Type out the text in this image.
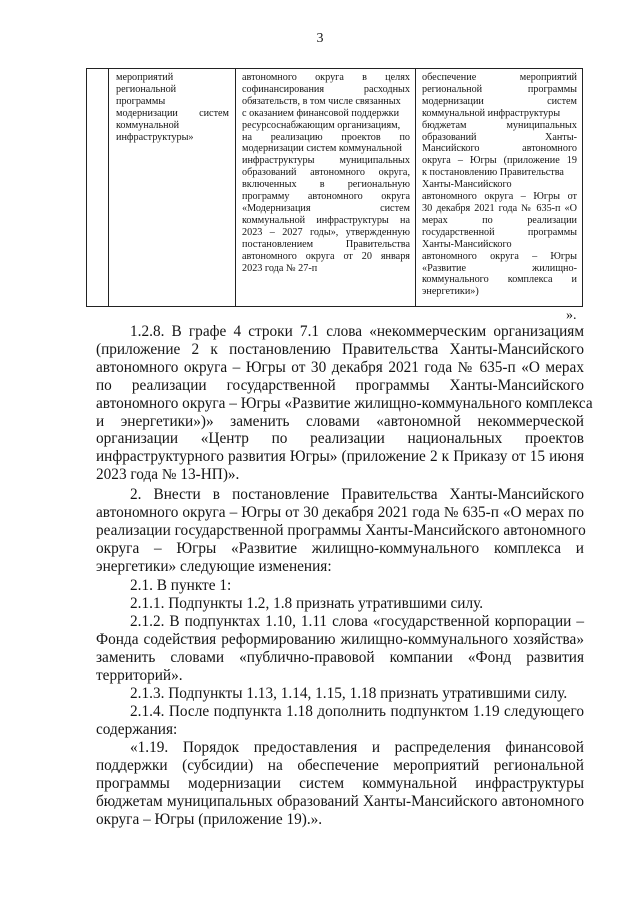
3
мероприятий
региональной
программы
модернизации систем
коммунальной
инфраструктуры»
автономного округа в целях
софинансирования расходных
обязательств, в том числе связанных
с оказанием финансовой поддержки
ресурсоснабжающим организациям,
на реализацию проектов по
модернизации систем коммунальной
инфраструктуры муниципальных
образований автономного округа,
включенных в региональную
программу автономного округа
«Модернизация систем
коммунальной инфраструктуры на
2023 – 2027 годы», утвержденную
постановлением Правительства
автономного округа от 20 января
2023 года № 27-п
обеспечение мероприятий
региональной программы
модернизации систем
коммунальной инфраструктуры
бюджетам муниципальных
образований Ханты-
Мансийского автономного
округа – Югры (приложение 19
к постановлению Правительства
Ханты-Мансийского
автономного округа – Югры от
30 декабря 2021 года № 635-п «О
мерах по реализации
государственной программы
Ханты-Мансийского
автономного округа – Югры
«Развитие жилищно-
коммунального комплекса и
энергетики»)
».
1.2.8. В графе 4 строки 7.1 слова «некоммерческим организациям
(приложение 2 к постановлению Правительства Ханты-Мансийского
автономного округа – Югры от 30 декабря 2021 года № 635-п «О мерах
по реализации государственной программы Ханты-Мансийского
автономного округа – Югры «Развитие жилищно-коммунального комплекса
и энергетики»)» заменить словами «автономной некоммерческой
организации «Центр по реализации национальных проектов
инфраструктурного развития Югры» (приложение 2 к Приказу от 15 июня
2023 года № 13-НП)».
2. Внести в постановление Правительства Ханты-Мансийского
автономного округа – Югры от 30 декабря 2021 года № 635-п «О мерах по
реализации государственной программы Ханты-Мансийского автономного
округа – Югры «Развитие жилищно-коммунального комплекса и
энергетики» следующие изменения:
2.1. В пункте 1:
2.1.1. Подпункты 1.2, 1.8 признать утратившими силу.
2.1.2. В подпунктах 1.10, 1.11 слова «государственной корпорации –
Фонда содействия реформированию жилищно-коммунального хозяйства»
заменить словами «публично-правовой компании «Фонд развития
территорий».
2.1.3. Подпункты 1.13, 1.14, 1.15, 1.18 признать утратившими силу.
2.1.4. После подпункта 1.18 дополнить подпунктом 1.19 следующего
содержания:
«1.19. Порядок предоставления и распределения финансовой
поддержки (субсидии) на обеспечение мероприятий региональной
программы модернизации систем коммунальной инфраструктуры
бюджетам муниципальных образований Ханты-Мансийского автономного
округа – Югры (приложение 19).».
